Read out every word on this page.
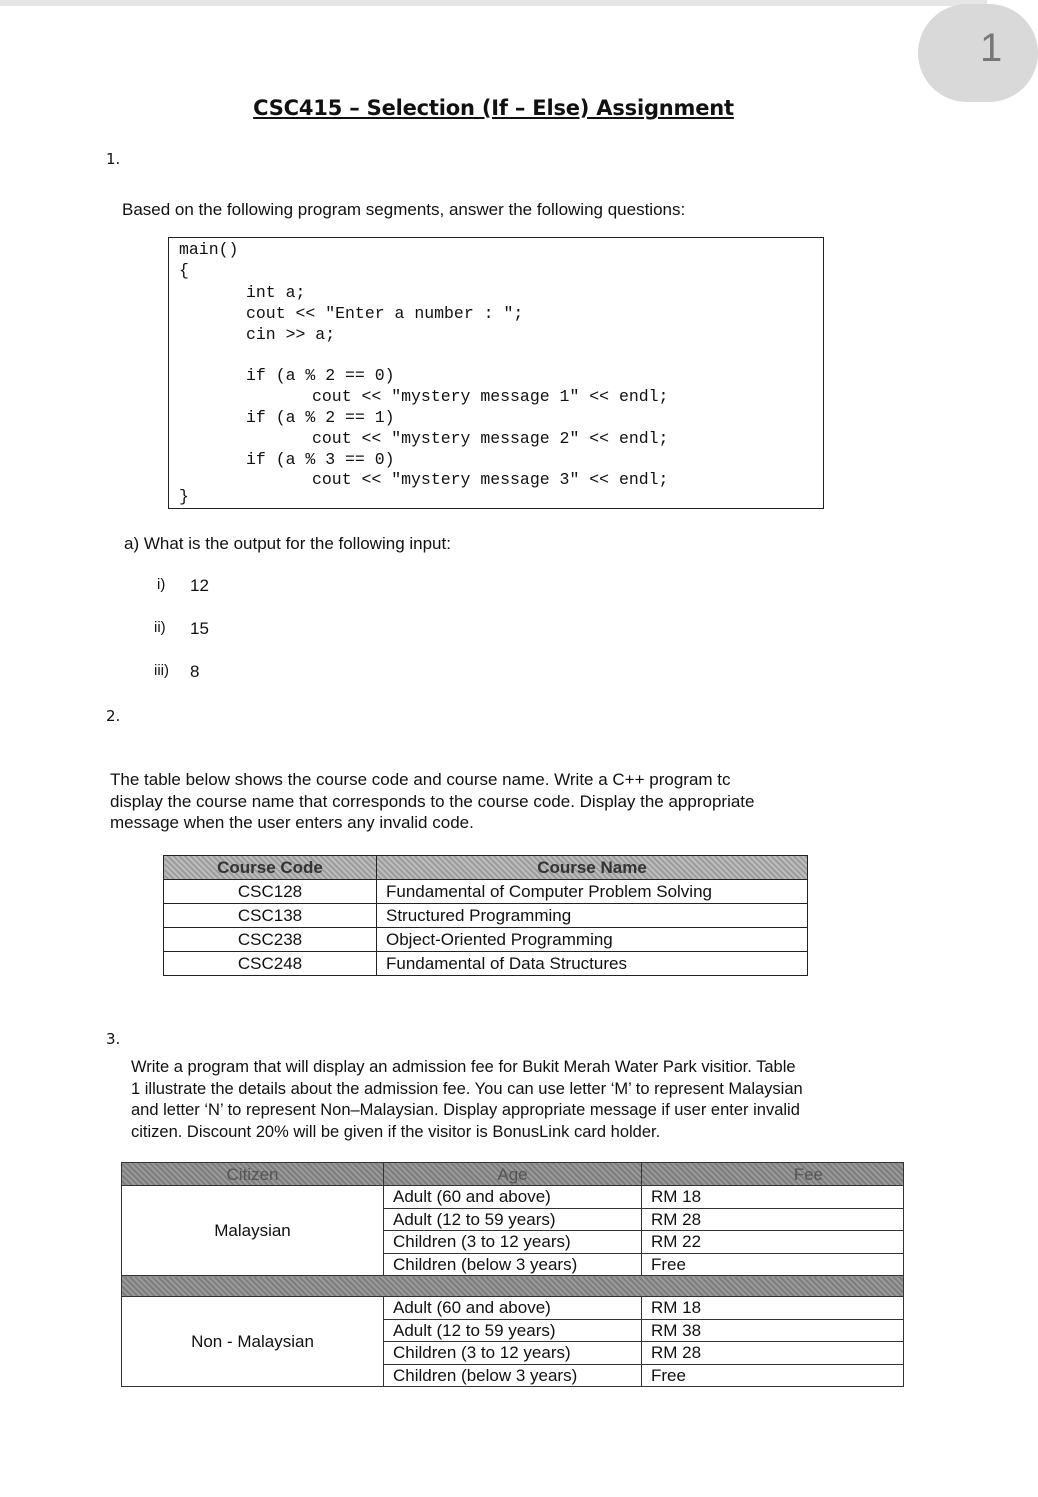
1
CSC415 – Selection (If – Else) Assignment
1.
Based on the following program segments, answer the following questions:
main()
{
int a;
cout << "Enter a number : ";
cin >> a;
if (a % 2 == 0)
cout << "mystery message 1" << endl;
if (a % 2 == 1)
cout << "mystery message 2" << endl;
if (a % 3 == 0)
cout << "mystery message 3" << endl;
}
a) What is the output for the following input:
i) 12
ii) 15
iii) 8
2.
The table below shows the course code and course name. Write a C++ program tc
display the course name that corresponds to the course code. Display the appropriate
message when the user enters any invalid code.
Course Code	Course Name
CSC128	Fundamental of Computer Problem Solving
CSC138	Structured Programming
CSC238	Object-Oriented Programming
CSC248	Fundamental of Data Structures
3.
Write a program that will display an admission fee for Bukit Merah Water Park visitior. Table
1 illustrate the details about the admission fee. You can use letter ‘M’ to represent Malaysian
and letter ‘N’ to represent Non–Malaysian. Display appropriate message if user enter invalid
citizen. Discount 20% will be given if the visitor is BonusLink card holder.
Citizen	Age	Fee
Malaysian	Adult (60 and above)	RM 18
	Adult (12 to 59 years)	RM 28
	Children (3 to 12 years)	RM 22
	Children (below 3 years)	Free

Non - Malaysian	Adult (60 and above)	RM 18
	Adult (12 to 59 years)	RM 38
	Children (3 to 12 years)	RM 28
	Children (below 3 years)	Free
